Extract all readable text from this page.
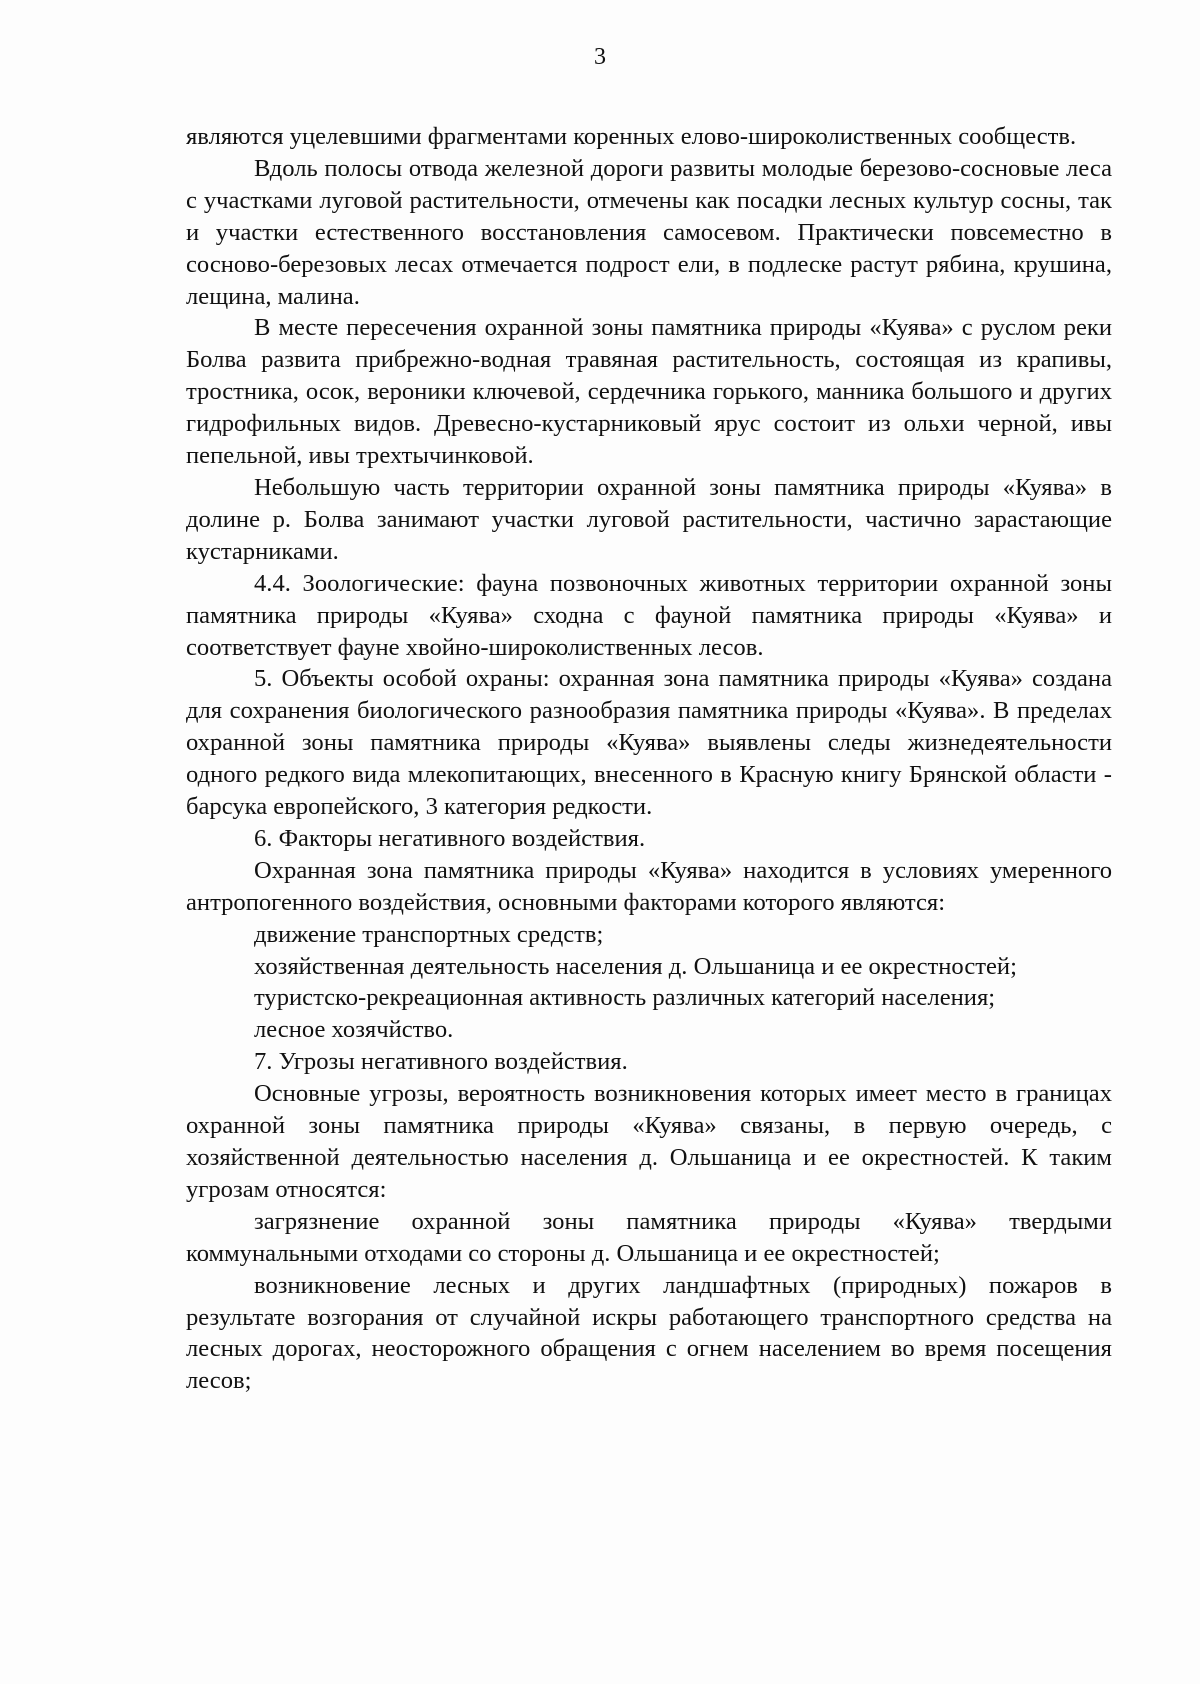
3

являются уцелевшими фрагментами коренных елово-широколиственных сообществ.

Вдоль полосы отвода железной дороги развиты молодые березово-сосновые леса с участками луговой растительности, отмечены как посадки лесных культур сосны, так и участки естественного восстановления самосевом. Практически повсеместно в сосново-березовых лесах отмечается подрост ели, в подлеске растут рябина, крушина, лещина, малина.

В месте пересечения охранной зоны памятника природы «Куява» с руслом реки Болва развита прибрежно-водная травяная растительность, состоящая из крапивы, тростника, осок, вероники ключевой, сердечника горького, манника большого и других гидрофильных видов. Древесно-кустарниковый ярус состоит из ольхи черной, ивы пепельной, ивы трехтычинковой.

Небольшую часть территории охранной зоны памятника природы «Куява» в долине р. Болва занимают участки луговой растительности, частично зарастающие кустарниками.

4.4. Зоологические: фауна позвоночных животных территории охранной зоны памятника природы «Куява» сходна с фауной памятника природы «Куява» и соответствует фауне хвойно-широколиственных лесов.

5. Объекты особой охраны: охранная зона памятника природы «Куява» создана для сохранения биологического разнообразия памятника природы «Куява». В пределах охранной зоны памятника природы «Куява» выявлены следы жизнедеятельности одного редкого вида млекопитающих, внесенного в Красную книгу Брянской области - барсука европейского, 3 категория редкости.

6. Факторы негативного воздействия.

Охранная зона памятника природы «Куява» находится в условиях умеренного антропогенного воздействия, основными факторами которого являются:

движение транспортных средств;

хозяйственная деятельность населения д. Ольшаница и ее окрестностей;

туристско-рекреационная активность различных категорий населения;

лесное хозячйство.

7. Угрозы негативного воздействия.

Основные угрозы, вероятность возникновения которых имеет место в границах охранной зоны памятника природы «Куява» связаны, в первую очередь, с хозяйственной деятельностью населения д. Ольшаница и ее окрестностей. К таким угрозам относятся:

загрязнение охранной зоны памятника природы «Куява» твердыми коммунальными отходами со стороны д. Ольшаница и ее окрестностей;

возникновение лесных и других ландшафтных (природных) пожаров в результате возгорания от случайной искры работающего транспортного средства на лесных дорогах, неосторожного обращения с огнем населением во время посещения лесов;
